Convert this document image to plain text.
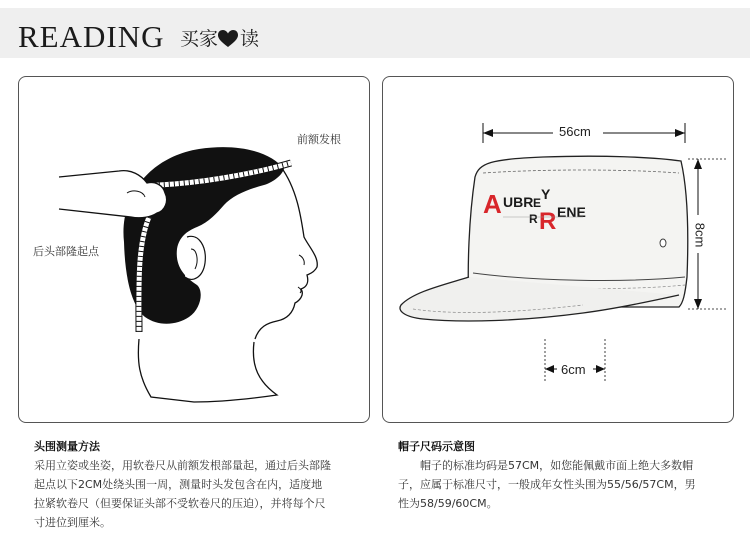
READING 买家 读
前额发根
后头部隆起点
A UBR E
Y
R R ENE
56cm
8cm
6cm
头围测量方法
采用立姿或坐姿，用软卷尺从前额发根部量起，通过后头部隆
起点以下2CM处绕头围一周，测量时头发包含在内，适度地
拉紧软卷尺（但要保证头部不受软卷尺的压迫），并将每个尺
寸进位到厘米。
帽子尺码示意图
帽子的标准均码是57CM，如您能佩戴市面上绝大多数帽
子，应属于标准尺寸，一般成年女性头围为55/56/57CM，男
性为58/59/60CM。
